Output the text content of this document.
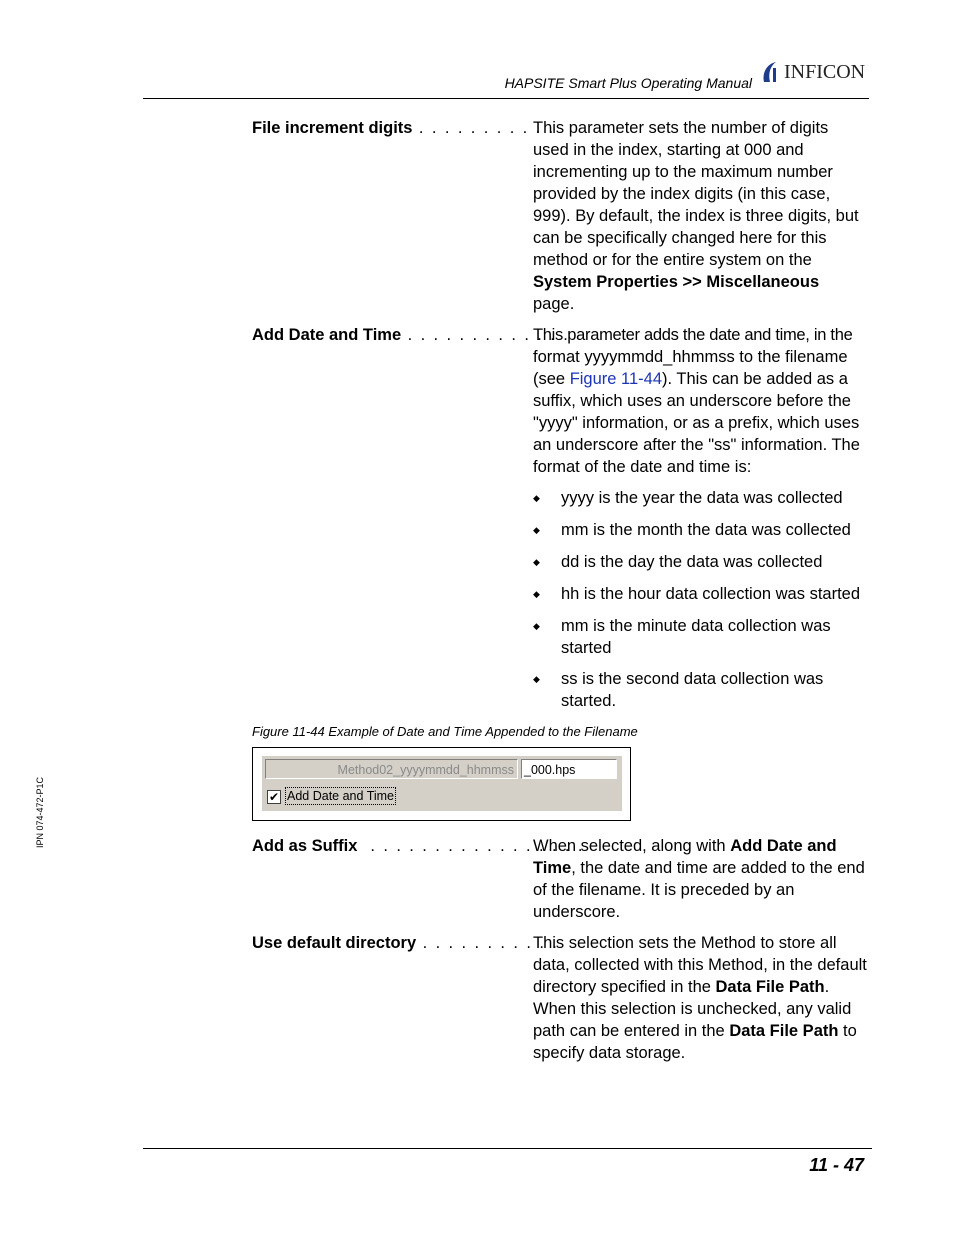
HAPSITE Smart Plus Operating Manual INFICON
IPN 074-472-P1C
File increment digits . . . . . . . . . . .
This parameter sets the number of digits
used in the index, starting at 000 and
incrementing up to the maximum number
provided by the index digits (in this case,
999). By default, the index is three digits, but
can be specifically changed here for this
method or for the entire system on the
System Properties >> Miscellaneous
page.
Add Date and Time . . . . . . . . . . . . .
This parameter adds the date and time, in the
format yyyymmdd_hhmmss to the filename
(see Figure 11-44). This can be added as a
suffix, which uses an underscore before the
"yyyy" information, or as a prefix, which uses
an underscore after the "ss" information. The
format of the date and time is:
◆ yyyy is the year the data was collected
◆ mm is the month the data was collected
◆ dd is the day the data was collected
◆ hh is the hour data collection was started
◆ mm is the minute data collection was started
◆ ss is the second data collection was started.
Figure 11-44 Example of Date and Time Appended to the Filename
Method02_yyyymmdd_hhmmss _000.hps
✔ Add Date and Time
Add as Suffix  . . . . . . . . . . . . . . . . .
When selected, along with Add Date and Time, the date and time are added to the end of the filename. It is preceded by an underscore.
Use default directory . . . . . . . . . . .
This selection sets the Method to store all data, collected with this Method, in the default directory specified in the Data File Path. When this selection is unchecked, any valid path can be entered in the Data File Path to specify data storage.
11 - 47
